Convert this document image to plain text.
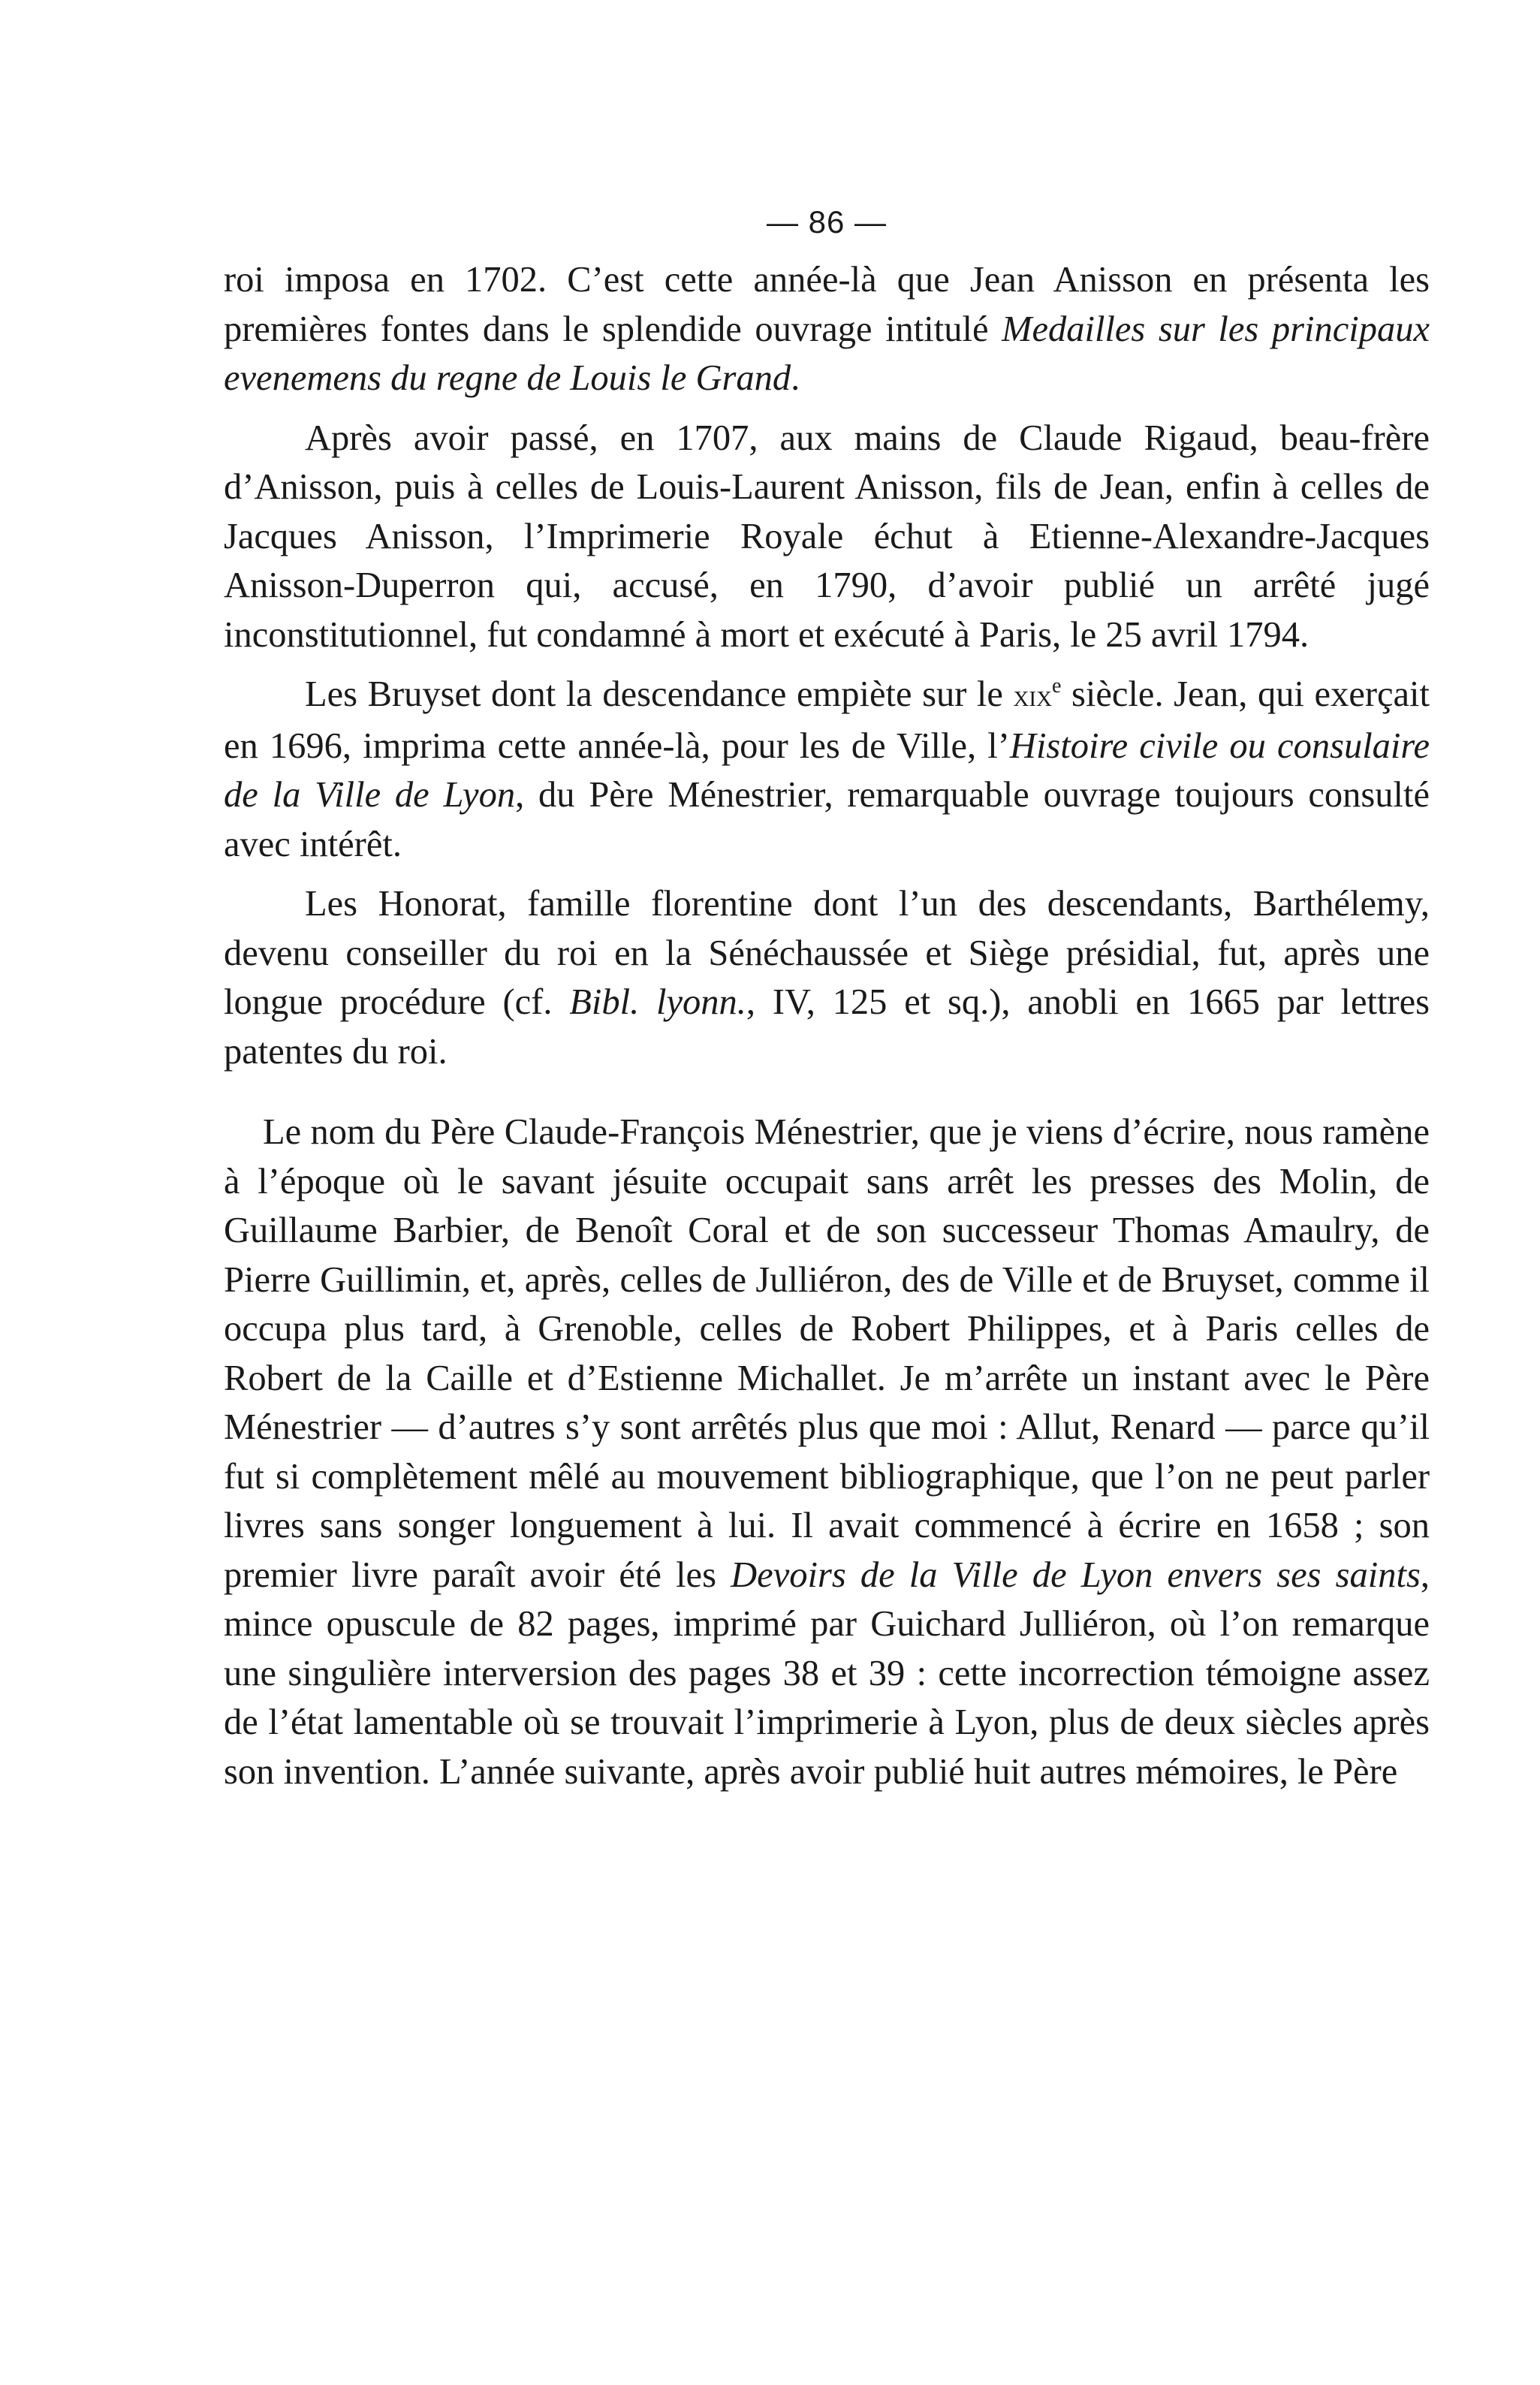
— 86 —

roi imposa en 1702. C’est cette année-là que Jean Anisson en présenta les premières fontes dans le splendide ouvrage intitulé Medailles sur les principaux evenemens du regne de Louis le Grand.

Après avoir passé, en 1707, aux mains de Claude Rigaud, beau-frère d’Anisson, puis à celles de Louis-Laurent Anisson, fils de Jean, enfin à celles de Jacques Anisson, l’Imprimerie Royale échut à Etienne-Alexandre-Jacques Anisson-Duperron qui, accusé, en 1790, d’avoir publié un arrêté jugé inconstitutionnel, fut condamné à mort et exécuté à Paris, le 25 avril 1794.

Les Bruyset dont la descendance empiète sur le xix$^e$ siècle. Jean, qui exerçait en 1696, imprima cette année-là, pour les de Ville, l’Histoire civile ou consulaire de la Ville de Lyon, du Père Ménestrier, remarquable ouvrage toujours consulté avec intérêt.

Les Honorat, famille florentine dont l’un des descendants, Barthélemy, devenu conseiller du roi en la Sénéchaussée et Siège présidial, fut, après une longue procédure (cf. Bibl. lyonn., IV, 125 et sq.), anobli en 1665 par lettres patentes du roi.

Le nom du Père Claude-François Ménestrier, que je viens d’écrire, nous ramène à l’époque où le savant jésuite occupait sans arrêt les presses des Molin, de Guillaume Barbier, de Benoît Coral et de son successeur Thomas Amaulry, de Pierre Guillimin, et, après, celles de Julliéron, des de Ville et de Bruyset, comme il occupa plus tard, à Grenoble, celles de Robert Philippes, et à Paris celles de Robert de la Caille et d’Estienne Michallet. Je m’arrête un instant avec le Père Ménestrier — d’autres s’y sont arrêtés plus que moi : Allut, Renard — parce qu’il fut si complètement mêlé au mouvement bibliographique, que l’on ne peut parler livres sans songer longuement à lui. Il avait commencé à écrire en 1658 ; son premier livre paraît avoir été les Devoirs de la Ville de Lyon envers ses saints, mince opuscule de 82 pages, imprimé par Guichard Julliéron, où l’on remarque une singulière interversion des pages 38 et 39 : cette incorrection témoigne assez de l’état lamentable où se trouvait l’imprimerie à Lyon, plus de deux siècles après son invention. L’année suivante, après avoir publié huit autres mémoires, le Père
